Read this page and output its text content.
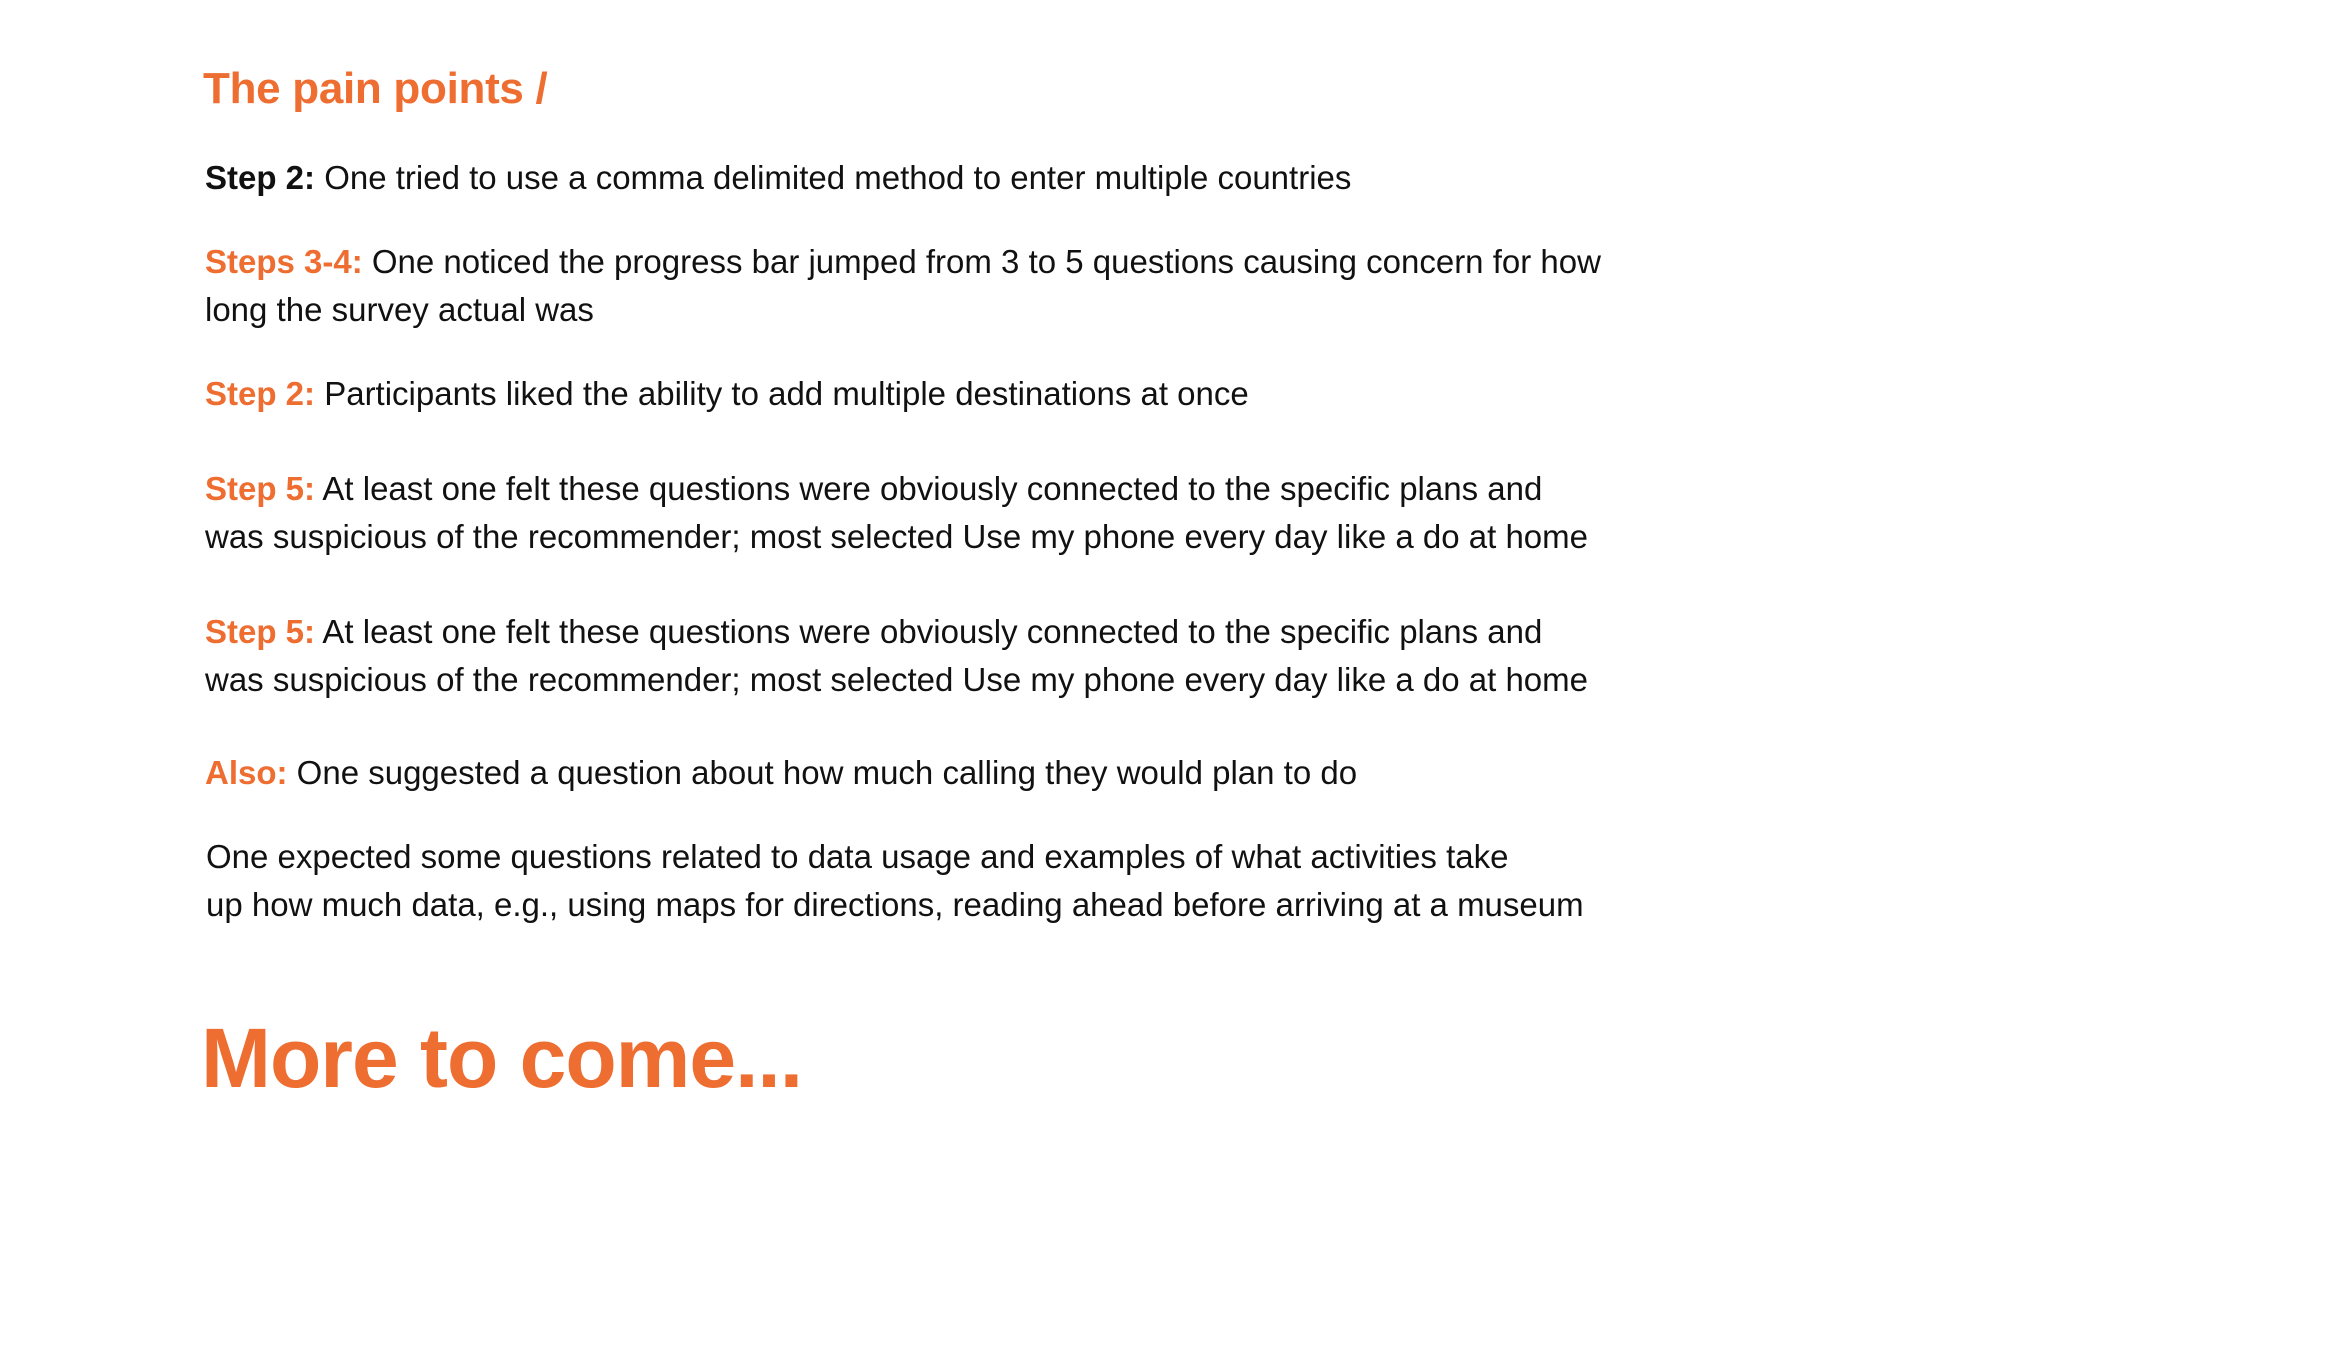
The pain points /
Step 2: One tried to use a comma delimited method to enter multiple countries
Steps 3-4: One noticed the progress bar jumped from 3 to 5 questions causing concern for how
long the survey actual was
Step 2: Participants liked the ability to add multiple destinations at once
Step 5: At least one felt these questions were obviously connected to the specific plans and
was suspicious of the recommender; most selected Use my phone every day like a do at home
Step 5: At least one felt these questions were obviously connected to the specific plans and
was suspicious of the recommender; most selected Use my phone every day like a do at home
Also: One suggested a question about how much calling they would plan to do
One expected some questions related to data usage and examples of what activities take
up how much data, e.g., using maps for directions, reading ahead before arriving at a museum
More to come...
